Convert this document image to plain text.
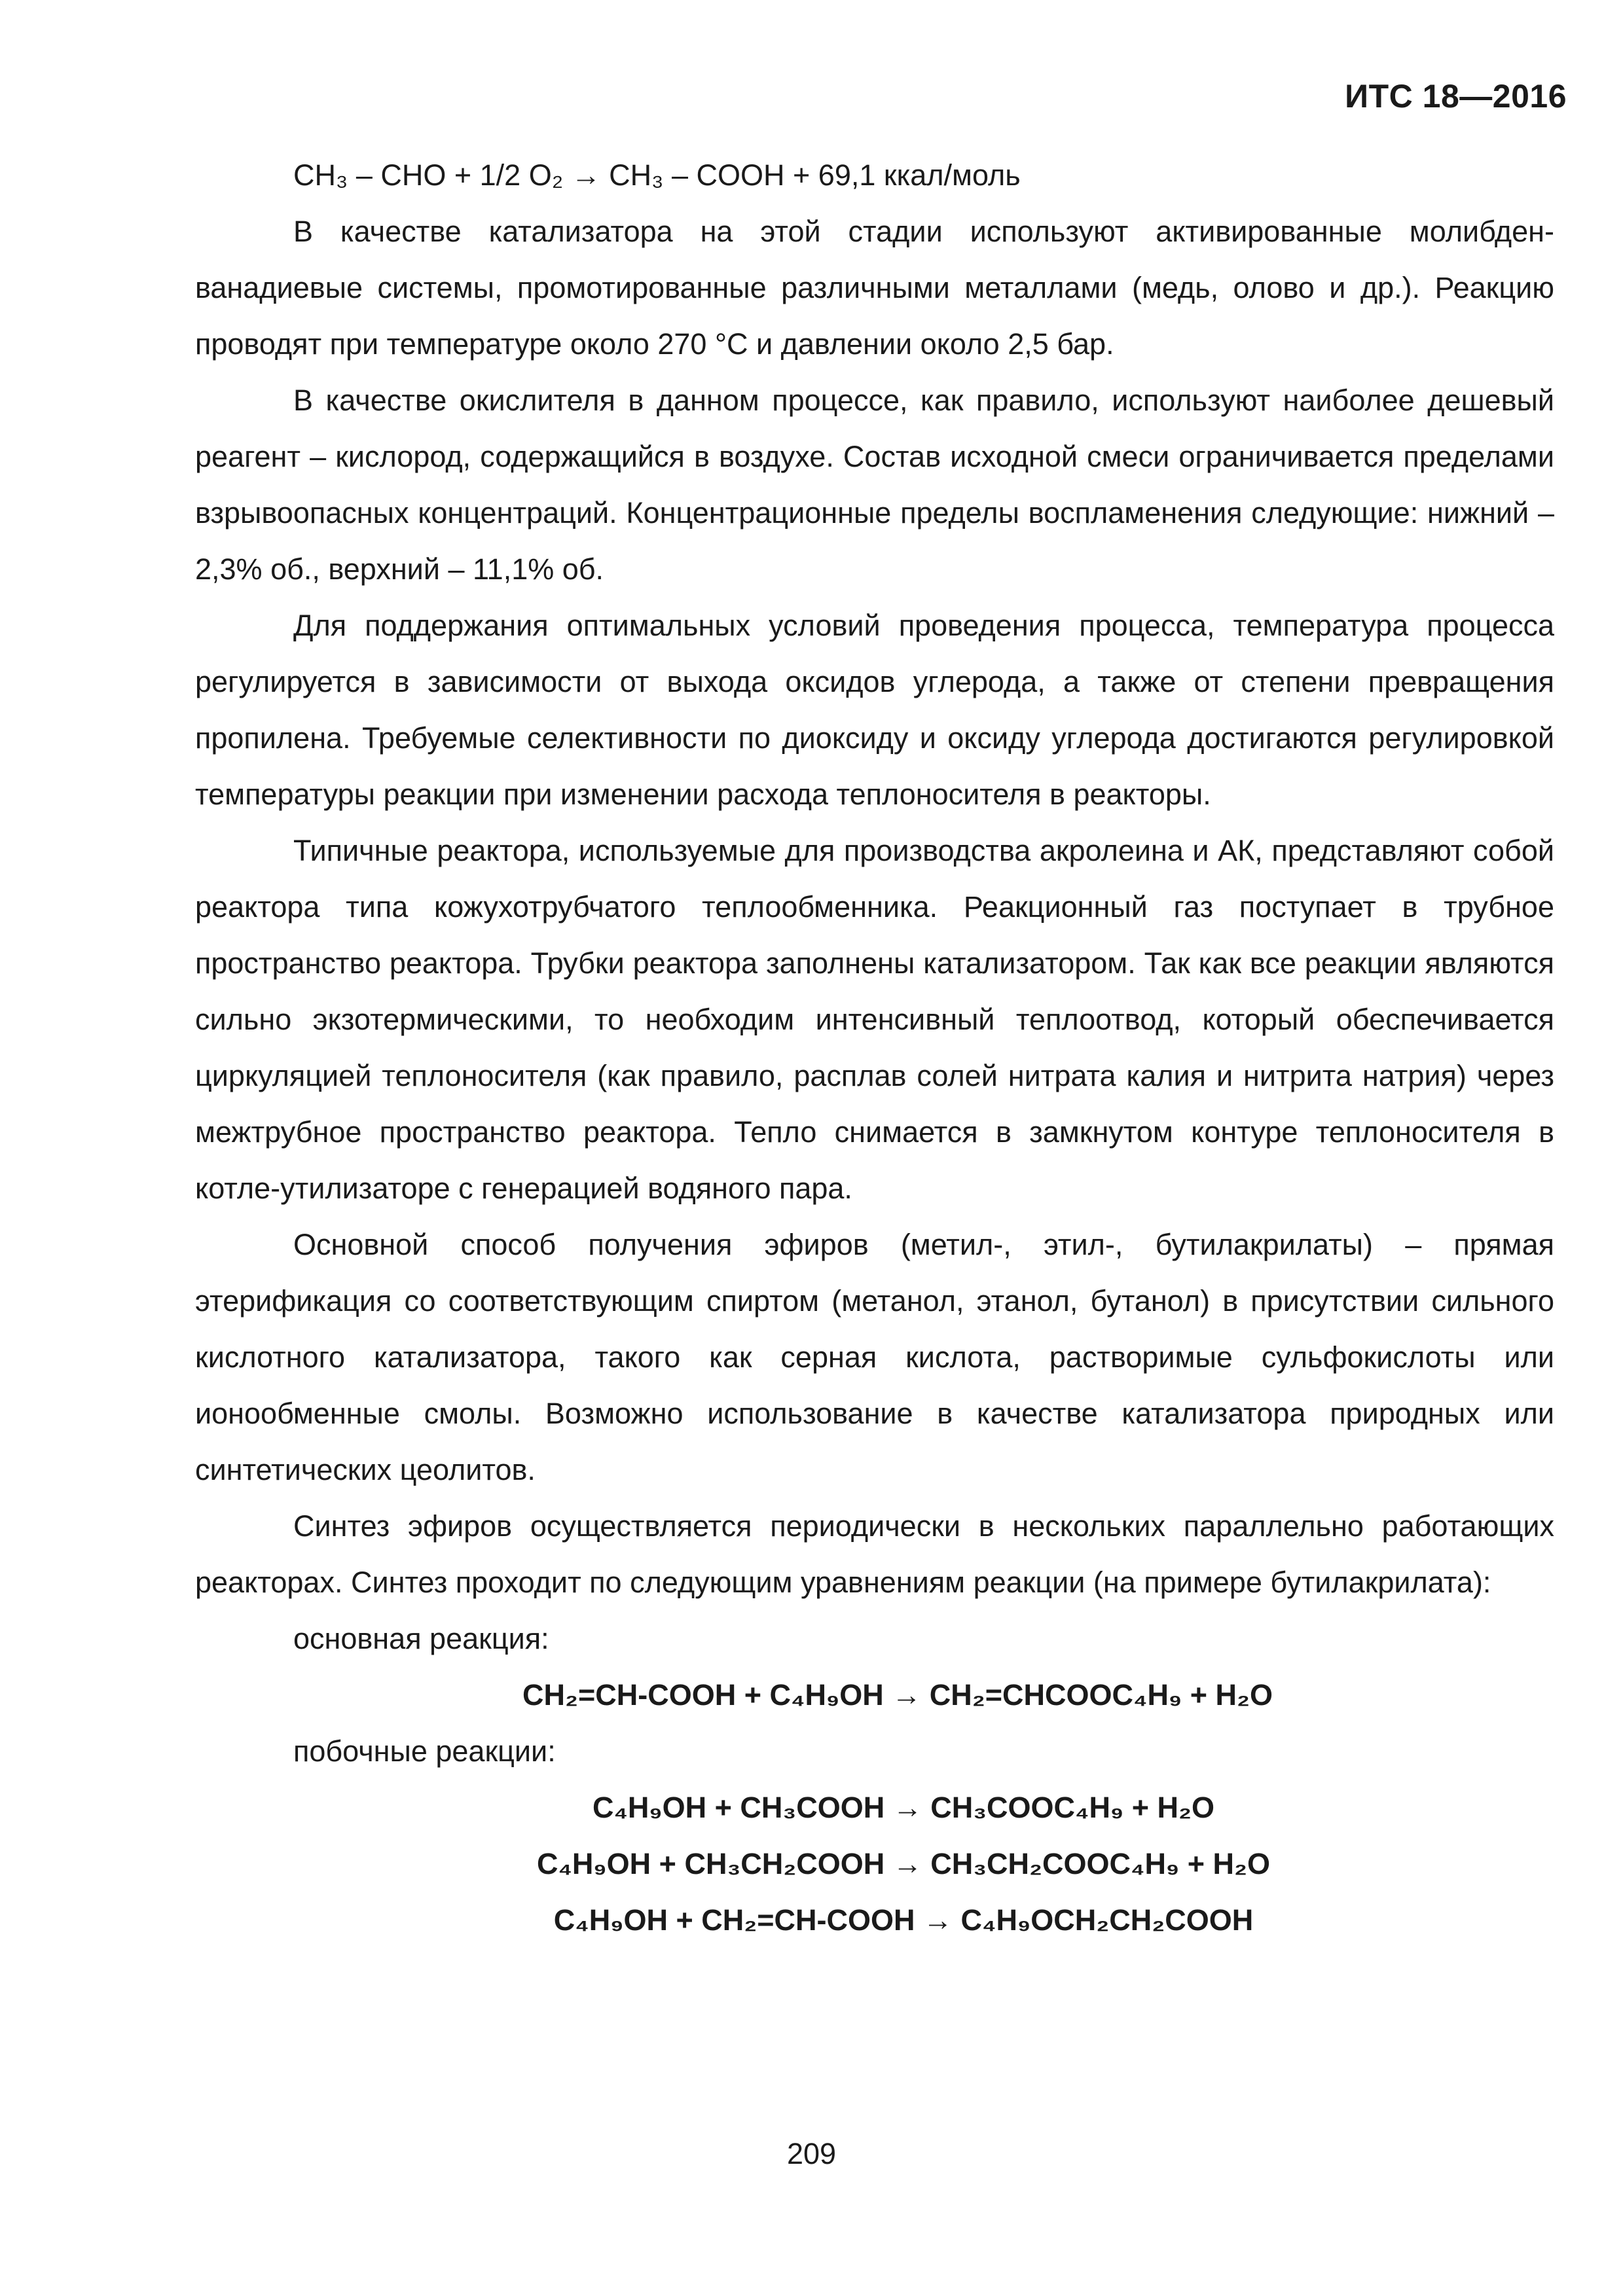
ИТС 18—2016

CH₃ – CHO + 1/2 O₂ → CH₃ – COOH + 69,1 ккал/моль

В качестве катализатора на этой стадии используют активированные молибден-ванадиевые системы, промотированные различными металлами (медь, олово и др.). Реакцию проводят при температуре около 270 °С и давлении около 2,5 бар.

В качестве окислителя в данном процессе, как правило, используют наиболее дешевый реагент – кислород, содержащийся в воздухе. Состав исходной смеси ограничивается пределами взрывоопасных концентраций. Концентрационные пределы воспламенения следующие: нижний – 2,3% об., верхний – 11,1% об.

Для поддержания оптимальных условий проведения процесса, температура процесса регулируется в зависимости от выхода оксидов углерода, а также от степени превращения пропилена. Требуемые селективности по диоксиду и оксиду углерода достигаются регулировкой температуры реакции при изменении расхода теплоносителя в реакторы.

Типичные реактора, используемые для производства акролеина и АК, представляют собой реактора типа кожухотрубчатого теплообменника. Реакционный газ поступает в трубное пространство реактора. Трубки реактора заполнены катализатором. Так как все реакции являются сильно экзотермическими, то необходим интенсивный теплоотвод, который обеспечивается циркуляцией теплоносителя (как правило, расплав солей нитрата калия и нитрита натрия) через межтрубное пространство реактора. Тепло снимается в замкнутом контуре теплоносителя в котле-утилизаторе с генерацией водяного пара.

Основной способ получения эфиров (метил-, этил-, бутилакрилаты) – прямая этерификация со соответствующим спиртом (метанол, этанол, бутанол) в присутствии сильного кислотного катализатора, такого как серная кислота, растворимые сульфокислоты или ионообменные смолы. Возможно использование в качестве катализатора природных или синтетических цеолитов.

Синтез эфиров осуществляется периодически в нескольких параллельно работающих реакторах. Синтез проходит по следующим уравнениям реакции (на примере бутилакрилата):

основная реакция:

CH₂=CH-COOH + C₄H₉OH → CH₂=CHCOOC₄H₉ + H₂O

побочные реакции:

C₄H₉OH + CH₃COOH → CH₃COOC₄H₉ + H₂O

C₄H₉OH + CH₃CH₂COOH → CH₃CH₂COOC₄H₉ + H₂O

C₄H₉OH + CH₂=CH-COOH → C₄H₉OCH₂CH₂COOH

209
